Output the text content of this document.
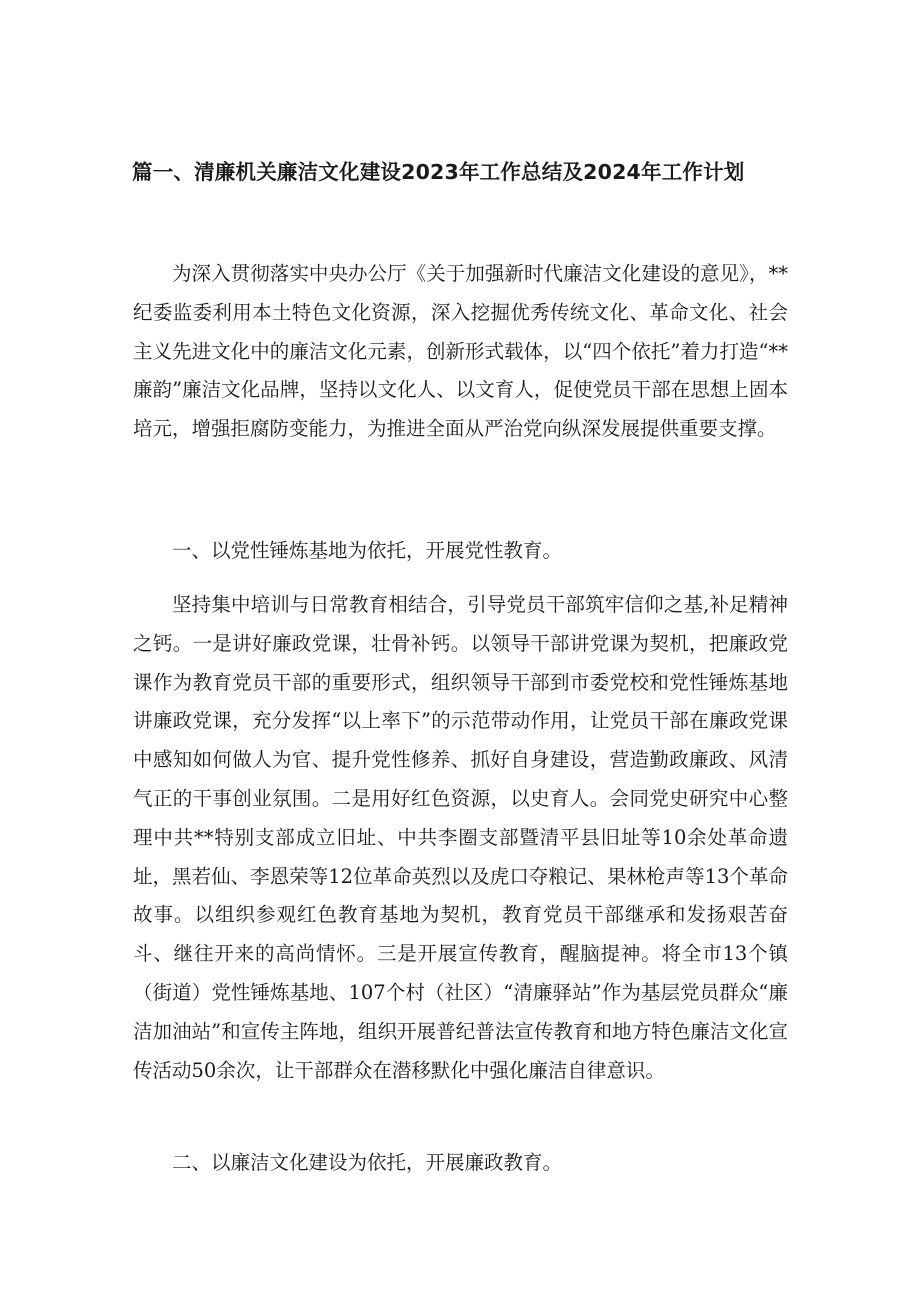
篇一、清廉机关廉洁文化建设2023年工作总结及2024年工作计划

为深入贯彻落实中央办公厅《关于加强新时代廉洁文化建设的意见》，**纪委监委利用本土特色文化资源，深入挖掘优秀传统文化、革命文化、社会主义先进文化中的廉洁文化元素，创新形式载体，以“四个依托”着力打造“**廉韵”廉洁文化品牌，坚持以文化人、以文育人，促使党员干部在思想上固本培元，增强拒腐防变能力，为推进全面从严治党向纵深发展提供重要支撑。

一、以党性锤炼基地为依托，开展党性教育。

坚持集中培训与日常教育相结合，引导党员干部筑牢信仰之基,补足精神之钙。一是讲好廉政党课，壮骨补钙。以领导干部讲党课为契机，把廉政党课作为教育党员干部的重要形式，组织领导干部到市委党校和党性锤炼基地讲廉政党课，充分发挥“以上率下”的示范带动作用，让党员干部在廉政党课中感知如何做人为官、提升党性修养、抓好自身建设，营造勤政廉政、风清气正的干事创业氛围。二是用好红色资源，以史育人。会同党史研究中心整理中共**特别支部成立旧址、中共李圈支部暨清平县旧址等10余处革命遗址，黑若仙、李恩荣等12位革命英烈以及虎口夺粮记、果林枪声等13个革命故事。以组织参观红色教育基地为契机，教育党员干部继承和发扬艰苦奋斗、继往开来的高尚情怀。三是开展宣传教育，醒脑提神。将全市13个镇（街道）党性锤炼基地、107个村（社区）“清廉驿站”作为基层党员群众“廉洁加油站”和宣传主阵地，组织开展普纪普法宣传教育和地方特色廉洁文化宣传活动50余次，让干部群众在潜移默化中强化廉洁自律意识。

二、以廉洁文化建设为依托，开展廉政教育。
